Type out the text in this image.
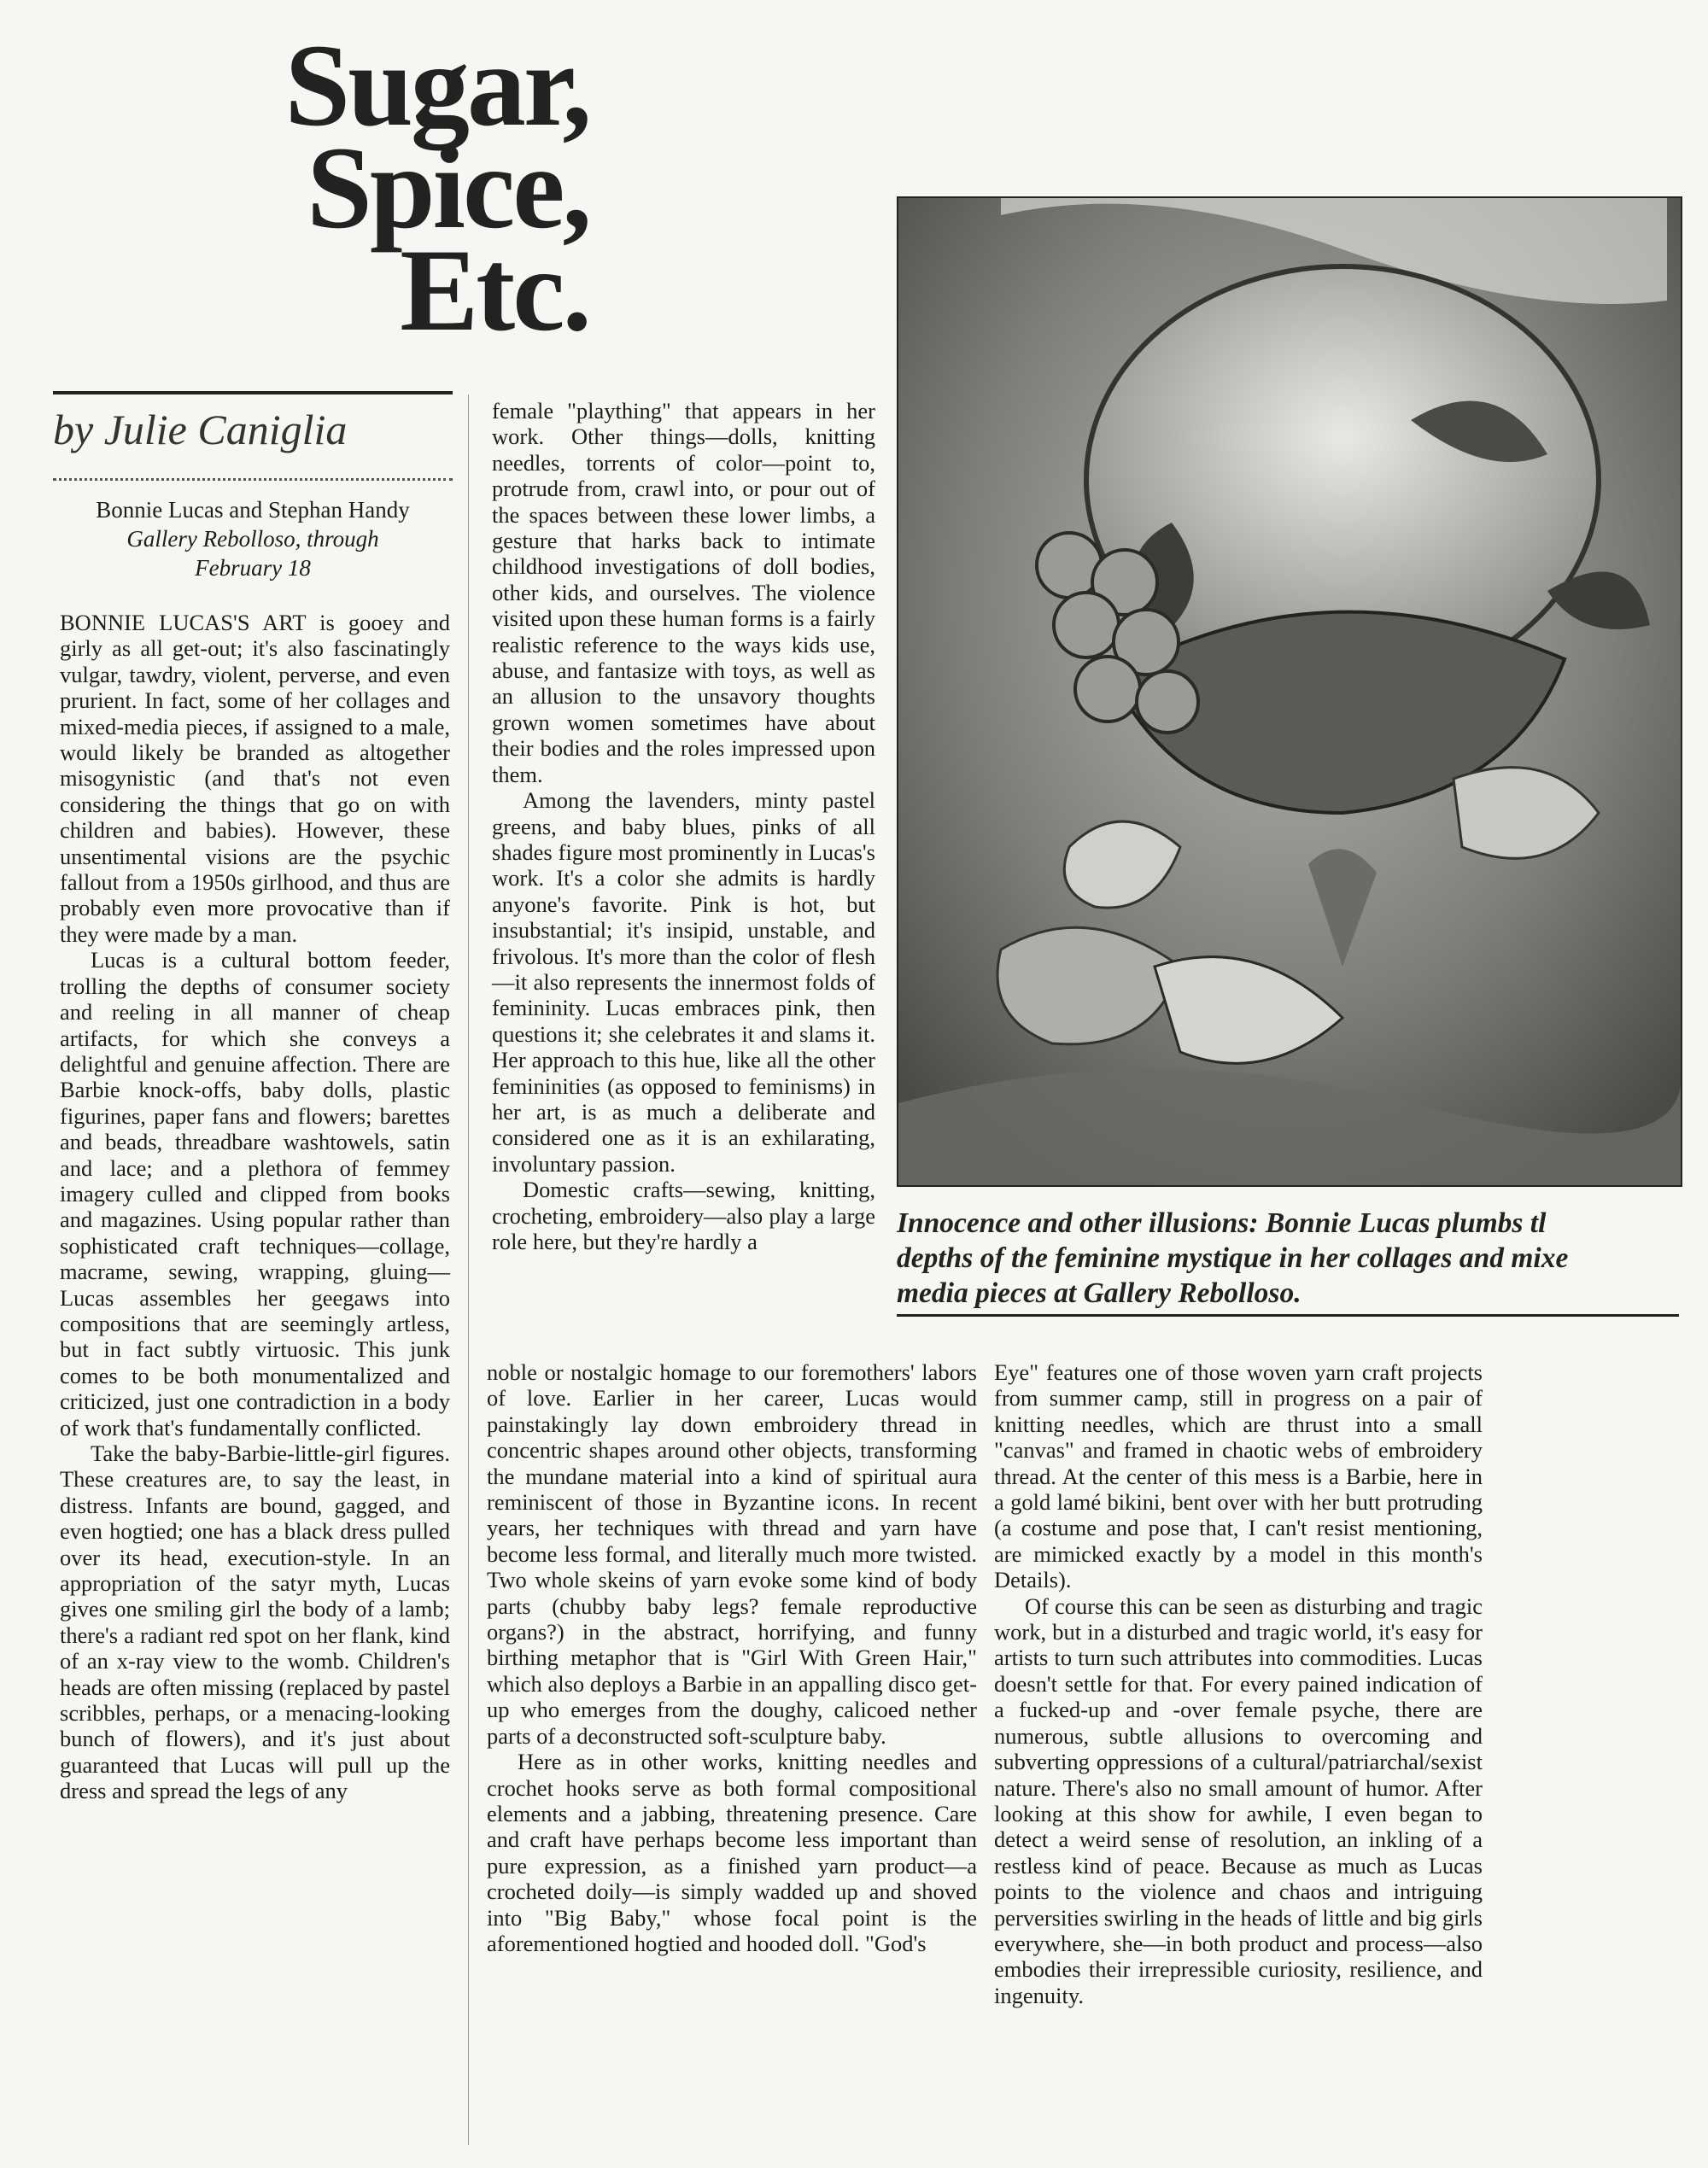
Sugar, Spice, Etc.
by Julie Caniglia
Bonnie Lucas and Stephan Handy
Gallery Rebolloso, through
February 18

BONNIE LUCAS'S ART is gooey and girly as all get-out; it's also fascinatingly vulgar, tawdry, violent, perverse, and even prurient. In fact, some of her collages and mixed-media pieces, if assigned to a male, would likely be branded as altogether misogynistic (and that's not even considering the things that go on with children and babies). However, these unsentimental visions are the psychic fallout from a 1950s girlhood, and thus are probably even more provocative than if they were made by a man.

Lucas is a cultural bottom feeder, trolling the depths of consumer society and reeling in all manner of cheap artifacts, for which she conveys a delightful and genuine affection. There are Barbie knock-offs, baby dolls, plastic figurines, paper fans and flowers; barettes and beads, threadbare washtowels, satin and lace; and a plethora of femmey imagery culled and clipped from books and magazines. Using popular rather than sophisticated craft techniques—collage, macrame, sewing, wrapping, gluing—Lucas assembles her geegaws into compositions that are seemingly artless, but in fact subtly virtuosic. This junk comes to be both monumentalized and criticized, just one contradiction in a body of work that's fundamentally conflicted.

Take the baby-Barbie-little-girl figures. These creatures are, to say the least, in distress. Infants are bound, gagged, and even hogtied; one has a black dress pulled over its head, execution-style. In an appropriation of the satyr myth, Lucas gives one smiling girl the body of a lamb; there's a radiant red spot on her flank, kind of an x-ray view to the womb. Children's heads are often missing (replaced by pastel scribbles, perhaps, or a menacing-looking bunch of flowers), and it's just about guaranteed that Lucas will pull up the dress and spread the legs of any

female "plaything" that appears in her work. Other things—dolls, knitting needles, torrents of color—point to, protrude from, crawl into, or pour out of the spaces between these lower limbs, a gesture that harks back to intimate childhood investigations of doll bodies, other kids, and ourselves. The violence visited upon these human forms is a fairly realistic reference to the ways kids use, abuse, and fantasize with toys, as well as an allusion to the unsavory thoughts grown women sometimes have about their bodies and the roles impressed upon them.

Among the lavenders, minty pastel greens, and baby blues, pinks of all shades figure most prominently in Lucas's work. It's a color she admits is hardly anyone's favorite. Pink is hot, but insubstantial; it's insipid, unstable, and frivolous. It's more than the color of flesh—it also represents the innermost folds of femininity. Lucas embraces pink, then questions it; she celebrates it and slams it. Her approach to this hue, like all the other femininities (as opposed to feminisms) in her art, is as much a deliberate and considered one as it is an exhilarating, involuntary passion.

Domestic crafts—sewing, knitting, crocheting, embroidery—also play a large role here, but they're hardly a

Innocence and other illusions: Bonnie Lucas plumbs tl
depths of the feminine mystique in her collages and mixe
media pieces at Gallery Rebolloso.

noble or nostalgic homage to our foremothers' labors of love. Earlier in her career, Lucas would painstakingly lay down embroidery thread in concentric shapes around other objects, transforming the mundane material into a kind of spiritual aura reminiscent of those in Byzantine icons. In recent years, her techniques with thread and yarn have become less formal, and literally much more twisted. Two whole skeins of yarn evoke some kind of body parts (chubby baby legs? female reproductive organs?) in the abstract, horrifying, and funny birthing metaphor that is "Girl With Green Hair," which also deploys a Barbie in an appalling disco get-up who emerges from the doughy, calicoed nether parts of a deconstructed soft-sculpture baby.

Here as in other works, knitting needles and crochet hooks serve as both formal compositional elements and a jabbing, threatening presence. Care and craft have perhaps become less important than pure expression, as a finished yarn product—a crocheted doily—is simply wadded up and shoved into "Big Baby," whose focal point is the aforementioned hogtied and hooded doll. "God's

Eye" features one of those woven yarn craft projects from summer camp, still in progress on a pair of knitting needles, which are thrust into a small "canvas" and framed in chaotic webs of embroidery thread. At the center of this mess is a Barbie, here in a gold lamé bikini, bent over with her butt protruding (a costume and pose that, I can't resist mentioning, are mimicked exactly by a model in this month's Details).

Of course this can be seen as disturbing and tragic work, but in a disturbed and tragic world, it's easy for artists to turn such attributes into commodities. Lucas doesn't settle for that. For every pained indication of a fucked-up and -over female psyche, there are numerous, subtle allusions to overcoming and subverting oppressions of a cultural/patriarchal/sexist nature. There's also no small amount of humor. After looking at this show for awhile, I even began to detect a weird sense of resolution, an inkling of a restless kind of peace. Because as much as Lucas points to the violence and chaos and intriguing perversities swirling in the heads of little and big girls everywhere, she—in both product and process—also embodies their irrepressible curiosity, resilience, and ingenuity.
